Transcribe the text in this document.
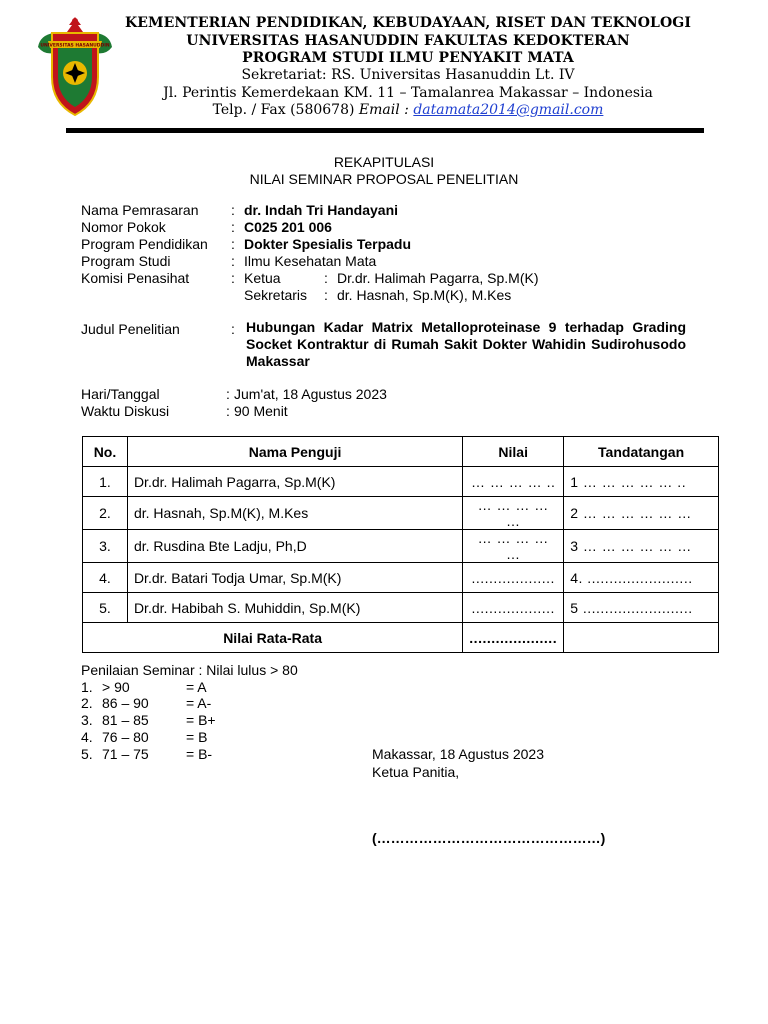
UNIVERSITAS HASANUDDIN
KEMENTERIAN PENDIDIKAN, KEBUDAYAAN, RISET DAN TEKNOLOGI
UNIVERSITAS HASANUDDIN FAKULTAS KEDOKTERAN
PROGRAM STUDI ILMU PENYAKIT MATA
Sekretariat: RS. Universitas Hasanuddin Lt. IV
Jl. Perintis Kemerdekaan KM. 11 – Tamalanrea Makassar – Indonesia
Telp. / Fax (580678) Email : datamata2014@gmail.com
REKAPITULASI
NILAI SEMINAR PROPOSAL PENELITIAN
Nama Pemrasaran : dr. Indah Tri Handayani
Nomor Pokok	: C025 201 006
Program Pendidikan : Dokter Spesialis Terpadu
Program Studi	: Ilmu Kesehatan Mata
Komisi Penasihat	: Ketua	: Dr.dr. Halimah Pagarra, Sp.M(K)
Sekretaris : dr. Hasnah, Sp.M(K), M.Kes
Judul Penelitian	: Hubungan Kadar Matrix Metalloproteinase 9 terhadap Grading Socket Kontraktur di Rumah Sakit Dokter Wahidin Sudirohusodo Makassar
Hari/Tanggal	: Jum'at, 18 Agustus 2023
Waktu Diskusi	: 90 Menit
No.	Nama Penguji	Nilai	Tandatangan
1.	Dr.dr. Halimah Pagarra, Sp.M(K)	… … … … ..	1 … … … … … ..
2.	dr. Hasnah, Sp.M(K), M.Kes	… … … … …	2 … … … … … …
3.	dr. Rusdina Bte Ladju, Ph,D	… … … … …	3 … … … … … …
4.	Dr.dr. Batari Todja Umar, Sp.M(K)	...................	4. ........................
5.	Dr.dr. Habibah S. Muhiddin, Sp.M(K)	...................	5 .........................
Nilai Rata-Rata		....................	
Penilaian Seminar : Nilai lulus > 80
1. > 90	= A
2. 86 – 90	= A-
3. 81 – 85	= B+
4. 76 – 80	= B
5. 71 – 75	= B-	Makassar, 18 Agustus 2023
Ketua Panitia,
(…………………………………………)
